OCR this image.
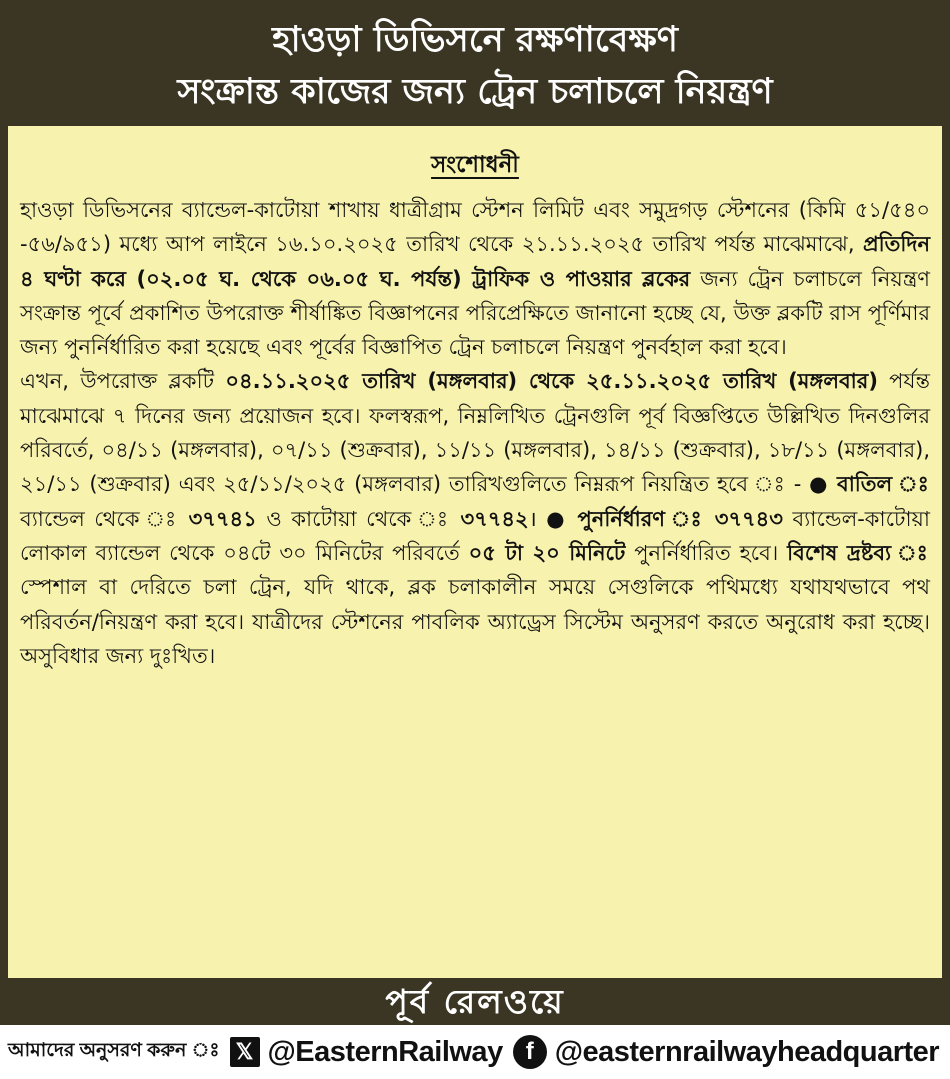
হাওড়া ডিভিসনে রক্ষণাবেক্ষণ
সংক্রান্ত কাজের জন্য ট্রেন চলাচলে নিয়ন্ত্রণ
সংশোধনী

হাওড়া ডিভিসনের ব্যান্ডেল-কাটোয়া শাখায় ধাত্রীগ্রাম স্টেশন লিমিট এবং সমুদ্রগড় স্টেশনের (কিমি ৫১/৫৪০ -৫৬/৯৫১) মধ্যে আপ লাইনে ১৬.১০.২০২৫ তারিখ থেকে ২১.১১.২০২৫ তারিখ পর্যন্ত মাঝেমাঝে, প্রতিদিন ৪ ঘণ্টা করে (০২.০৫ ঘ. থেকে ০৬.০৫ ঘ. পর্যন্ত) ট্রাফিক ও পাওয়ার ব্লকের জন্য ট্রেন চলাচলে নিয়ন্ত্রণ সংক্রান্ত পূর্বে প্রকাশিত উপরোক্ত শীর্ষাঙ্কিত বিজ্ঞাপনের পরিপ্রেক্ষিতে জানানো হচ্ছে যে, উক্ত ব্লকটি রাস পূর্ণিমার জন্য পুনর্নির্ধারিত করা হয়েছে এবং পূর্বের বিজ্ঞাপিত ট্রেন চলাচলে নিয়ন্ত্রণ পুনর্বহাল করা হবে।

এখন, উপরোক্ত ব্লকটি ০৪.১১.২০২৫ তারিখ (মঙ্গলবার) থেকে ২৫.১১.২০২৫ তারিখ (মঙ্গলবার) পর্যন্ত মাঝেমাঝে ৭ দিনের জন্য প্রয়োজন হবে। ফলস্বরূপ, নিম্নলিখিত ট্রেনগুলি পূর্ব বিজ্ঞপ্তিতে উল্লিখিত দিনগুলির পরিবর্তে, ০৪/১১ (মঙ্গলবার), ০৭/১১ (শুক্রবার), ১১/১১ (মঙ্গলবার), ১৪/১১ (শুক্রবার), ১৮/১১ (মঙ্গলবার), ২১/১১ (শুক্রবার) এবং ২৫/১১/২০২৫ (মঙ্গলবার) তারিখগুলিতে নিম্নরূপ নিয়ন্ত্রিত হবে ঃ - ● বাতিল ঃ ব্যান্ডেল থেকে ঃ ৩৭৭৪১ ও কাটোয়া থেকে ঃ ৩৭৭৪২। ● পুনর্নির্ধারণ ঃ ৩৭৭৪৩ ব্যান্ডেল-কাটোয়া লোকাল ব্যান্ডেল থেকে ০৪টে ৩০ মিনিটের পরিবর্তে ০৫ টা ২০ মিনিটে পুনর্নির্ধারিত হবে। বিশেষ দ্রষ্টব্য ঃ স্পেশাল বা দেরিতে চলা ট্রেন, যদি থাকে, ব্লক চলাকালীন সময়ে সেগুলিকে পথিমধ্যে যথাযথভাবে পথ পরিবর্তন/নিয়ন্ত্রণ করা হবে। যাত্রীদের স্টেশনের পাবলিক অ্যাড্রেস সিস্টেম অনুসরণ করতে অনুরোধ করা হচ্ছে। অসুবিধার জন্য দুঃখিত।

পূর্ব রেলওয়ে
আমাদের অনুসরণ করুন ঃ 𝕏 @EasternRailway f @easternrailwayheadquarter
